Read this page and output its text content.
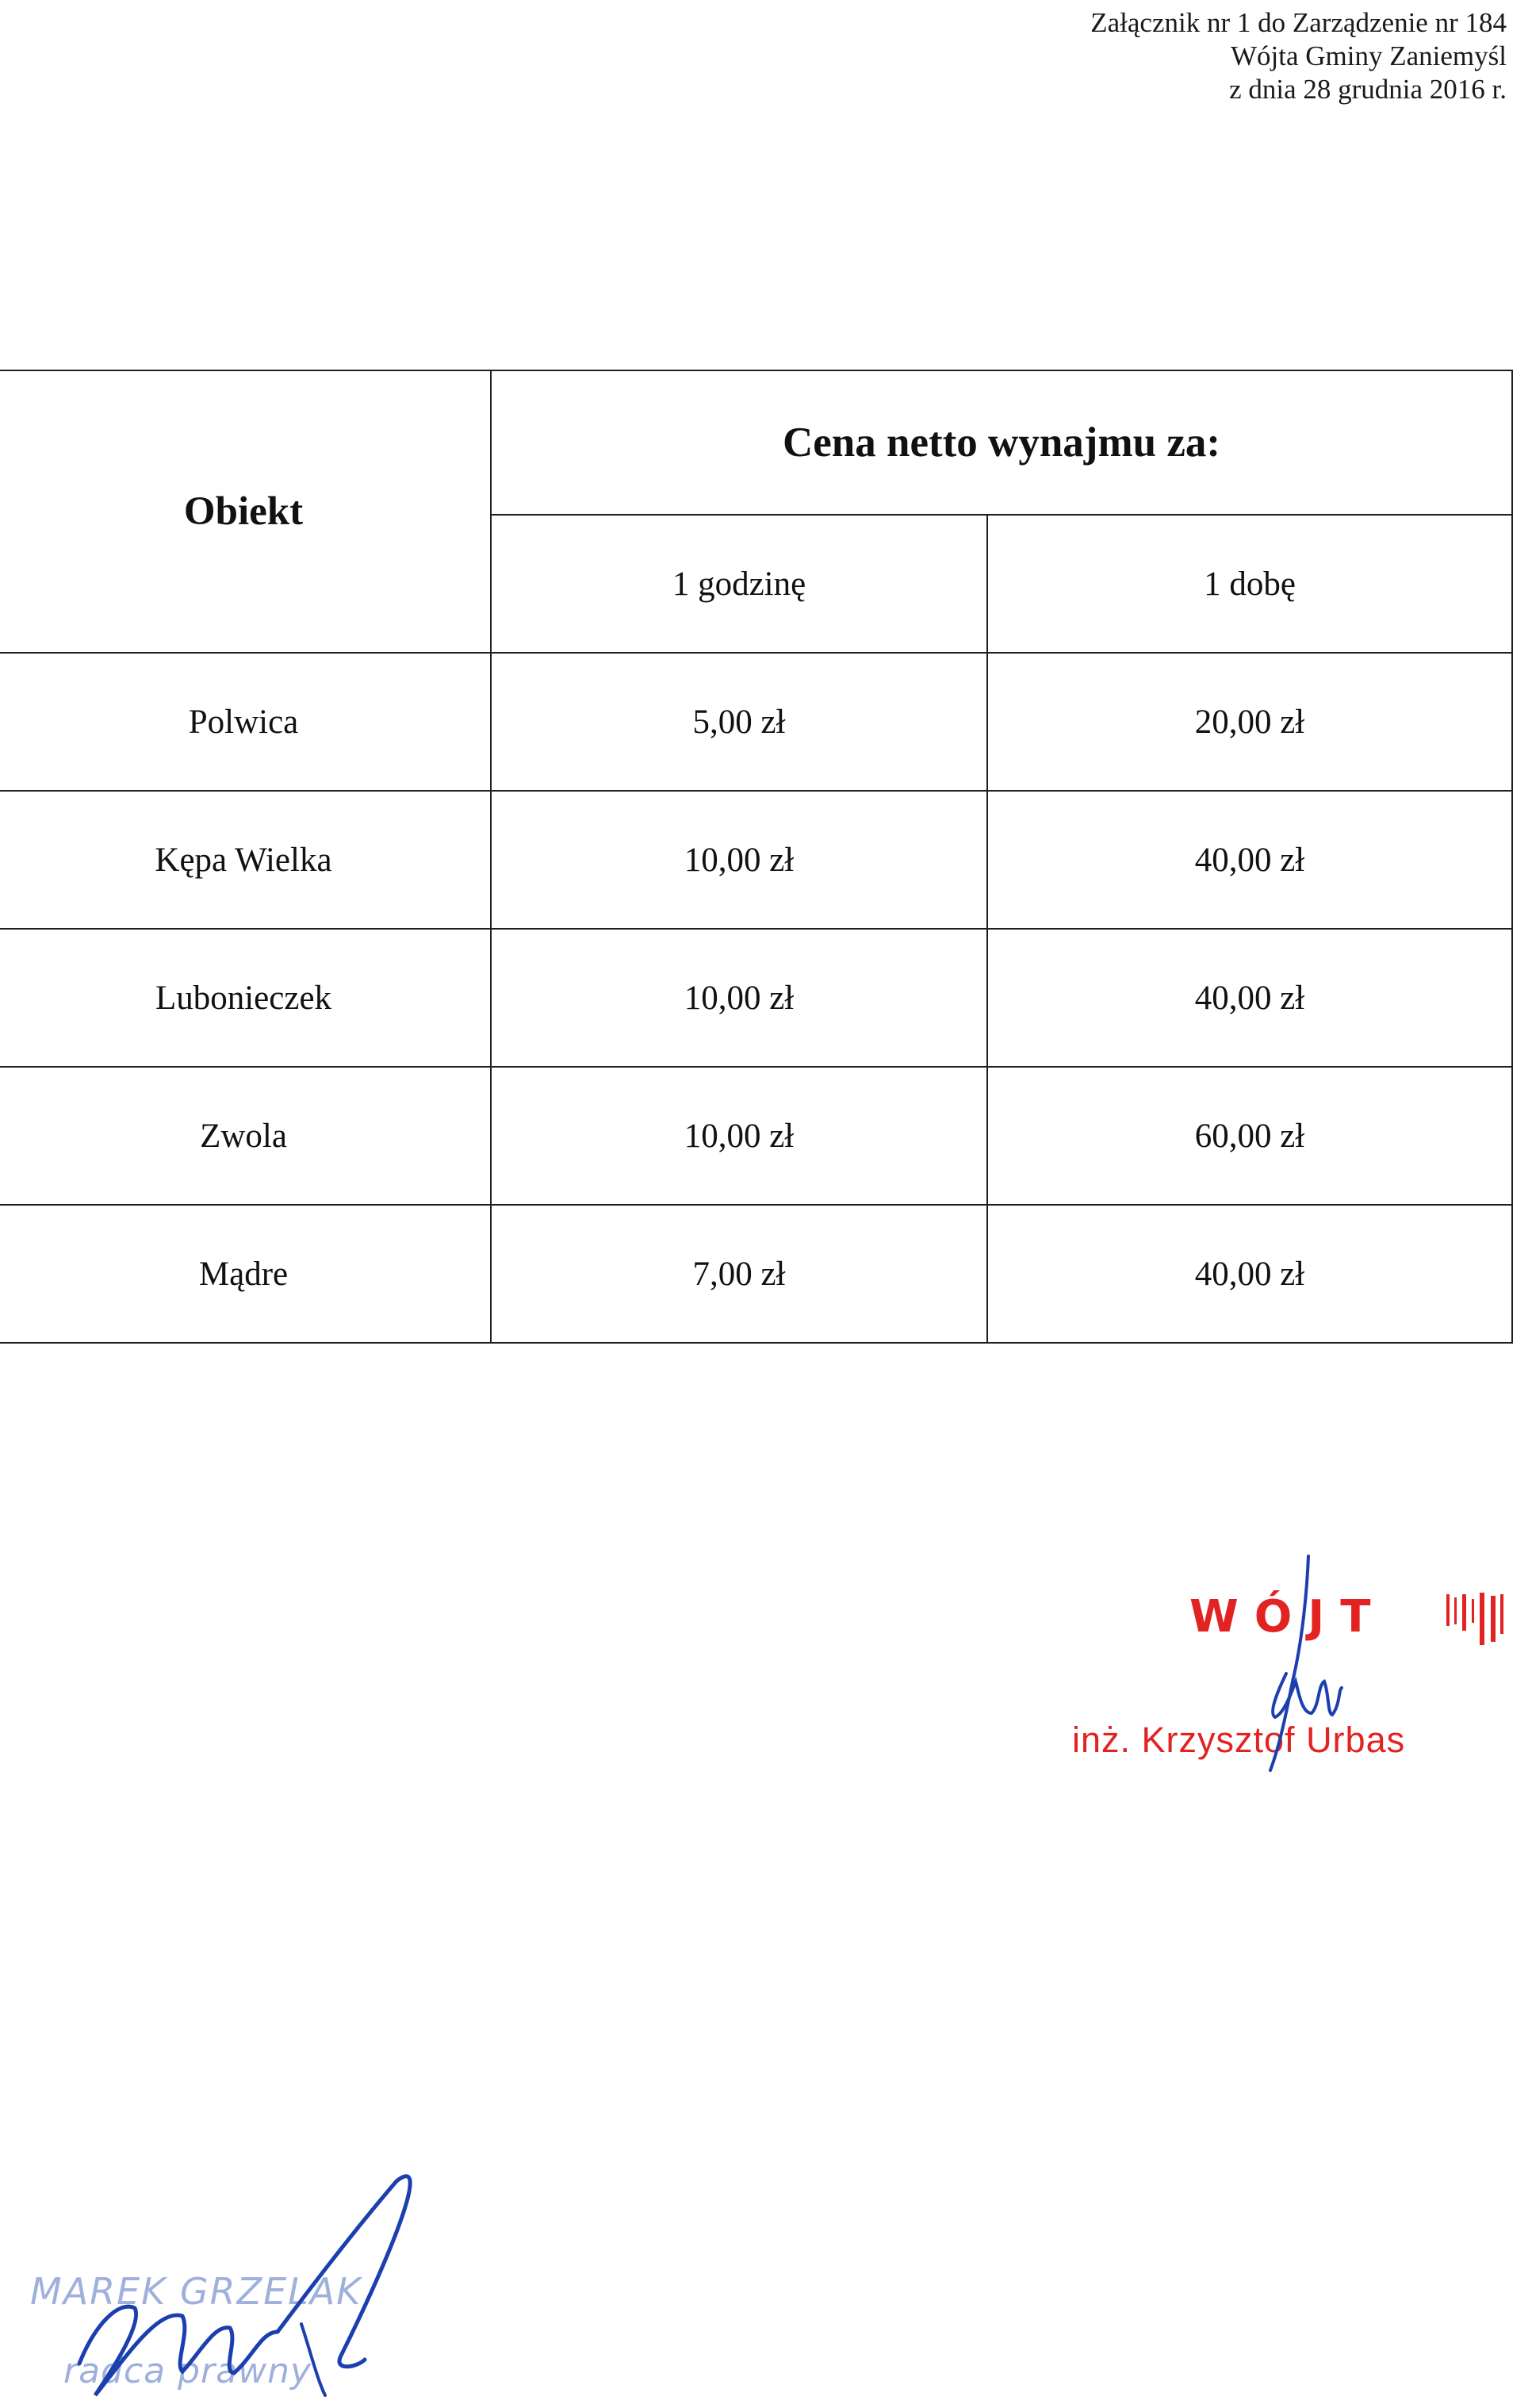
Załącznik nr 1 do Zarządzenie nr 184
Wójta Gminy Zaniemyśl
z dnia 28 grudnia 2016 r.
Obiekt	Cena netto wynajmu za:	
	1 godzinę	1 dobę
Polwica	5,00 zł	20,00 zł
Kępa Wielka	10,00 zł	40,00 zł
Lubonieczek	10,00 zł	40,00 zł
Zwola	10,00 zł	60,00 zł
Mądre	7,00 zł	40,00 zł
WÓJT
inż. Krzysztof Urbas
MAREK GRZELAK
radca prawny
